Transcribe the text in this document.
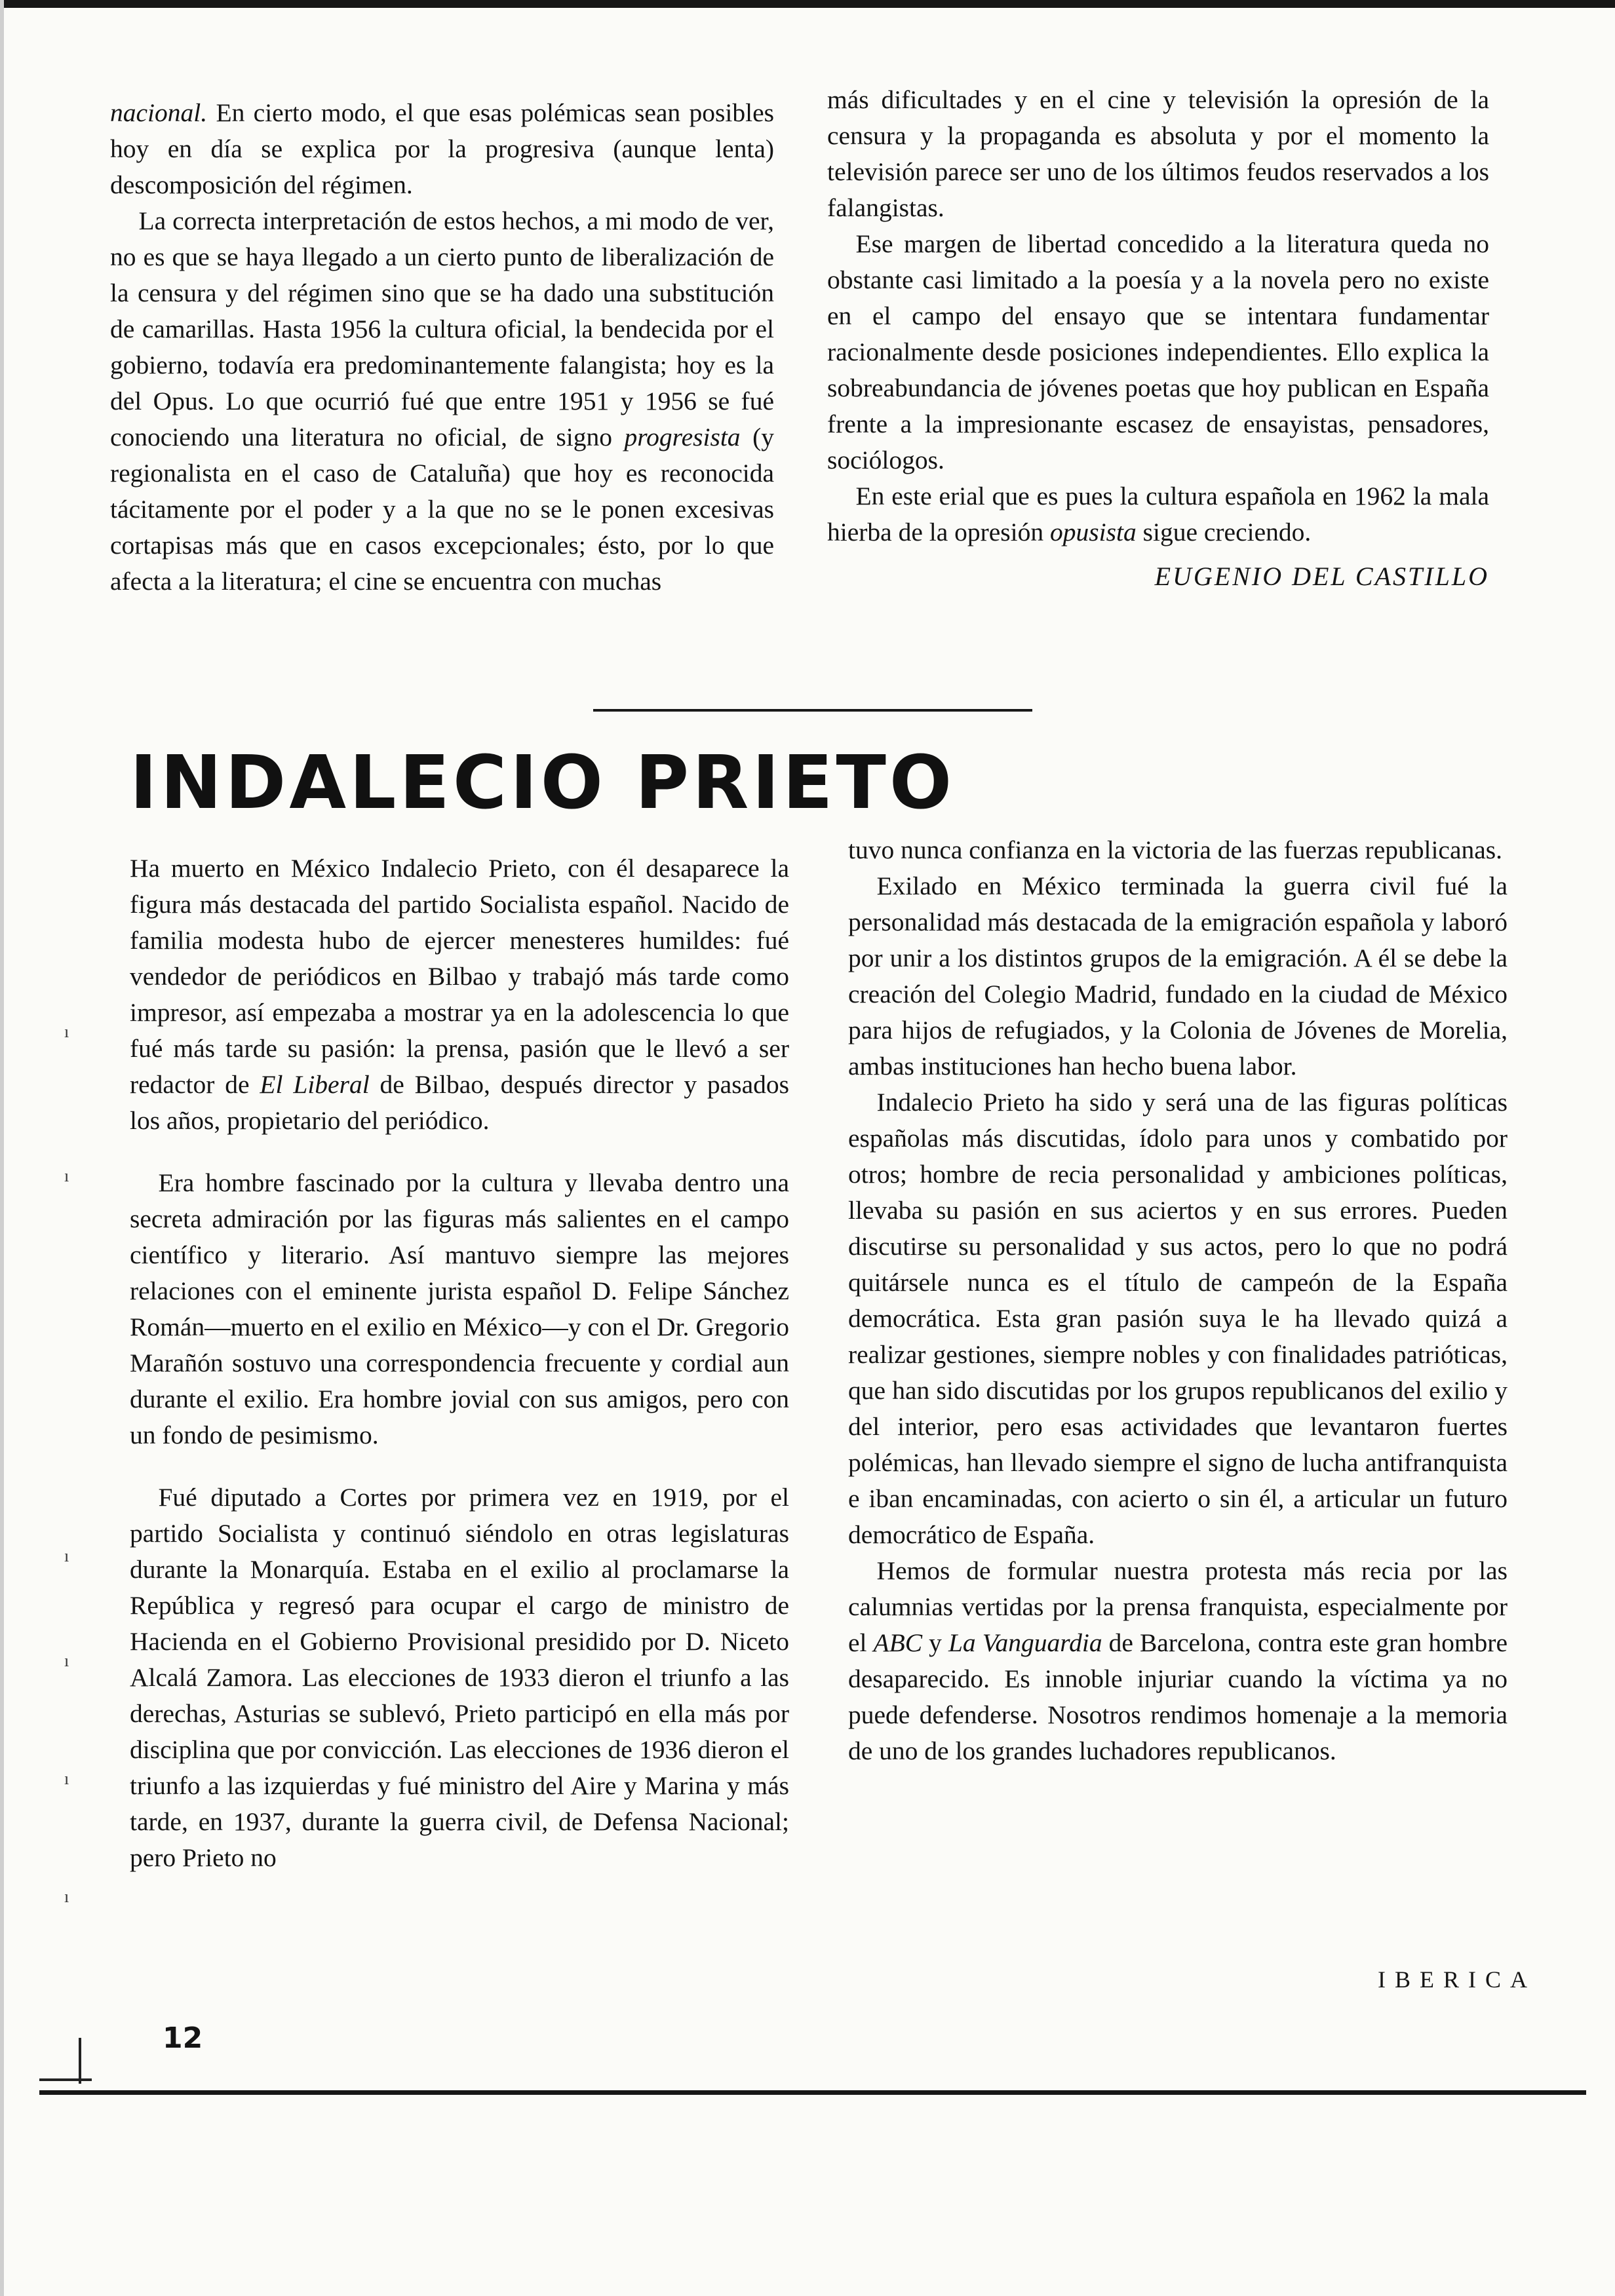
ı
ı
ı
ı
ı
ı

nacional. En cierto modo, el que esas polémicas sean posibles hoy en día se explica por la progresiva (aunque lenta) descomposición del régimen.

La correcta interpretación de estos hechos, a mi modo de ver, no es que se haya llegado a un cierto punto de liberalización de la censura y del régimen sino que se ha dado una substitución de camarillas. Hasta 1956 la cultura oficial, la bendecida por el gobierno, todavía era predominantemente falangista; hoy es la del Opus. Lo que ocurrió fué que entre 1951 y 1956 se fué conociendo una literatura no oficial, de signo progresista (y regionalista en el caso de Cataluña) que hoy es reconocida tácitamente por el poder y a la que no se le ponen excesivas cortapisas más que en casos excepcionales; ésto, por lo que afecta a la literatura; el cine se encuentra con muchas

más dificultades y en el cine y televisión la opresión de la censura y la propaganda es absoluta y por el momento la televisión parece ser uno de los últimos feudos reservados a los falangistas.

Ese margen de libertad concedido a la literatura queda no obstante casi limitado a la poesía y a la novela pero no existe en el campo del ensayo que se intentara fundamentar racionalmente desde posiciones independientes. Ello explica la sobreabundancia de jóvenes poetas que hoy publican en España frente a la impresionante escasez de ensayistas, pensadores, sociólogos.

En este erial que es pues la cultura española en 1962 la mala hierba de la opresión opusista sigue creciendo.

EUGENIO DEL CASTILLO

INDALECIO PRIETO

Ha muerto en México Indalecio Prieto, con él desaparece la figura más destacada del partido Socialista español. Nacido de familia modesta hubo de ejercer menesteres humildes: fué vendedor de periódicos en Bilbao y trabajó más tarde como impresor, así empezaba a mostrar ya en la adolescencia lo que fué más tarde su pasión: la prensa, pasión que le llevó a ser redactor de El Liberal de Bilbao, después director y pasados los años, propietario del periódico.

Era hombre fascinado por la cultura y llevaba dentro una secreta admiración por las figuras más salientes en el campo científico y literario. Así mantuvo siempre las mejores relaciones con el eminente jurista español D. Felipe Sánchez Román—muerto en el exilio en México—y con el Dr. Gregorio Marañón sostuvo una correspondencia frecuente y cordial aun durante el exilio. Era hombre jovial con sus amigos, pero con un fondo de pesimismo.

Fué diputado a Cortes por primera vez en 1919, por el partido Socialista y continuó siéndolo en otras legislaturas durante la Monarquía. Estaba en el exilio al proclamarse la República y regresó para ocupar el cargo de ministro de Hacienda en el Gobierno Provisional presidido por D. Niceto Alcalá Zamora. Las elecciones de 1933 dieron el triunfo a las derechas, Asturias se sublevó, Prieto participó en ella más por disciplina que por convicción. Las elecciones de 1936 dieron el triunfo a las izquierdas y fué ministro del Aire y Marina y más tarde, en 1937, durante la guerra civil, de Defensa Nacional; pero Prieto no

tuvo nunca confianza en la victoria de las fuerzas republicanas.

Exilado en México terminada la guerra civil fué la personalidad más destacada de la emigración española y laboró por unir a los distintos grupos de la emigración. A él se debe la creación del Colegio Madrid, fundado en la ciudad de México para hijos de refugiados, y la Colonia de Jóvenes de Morelia, ambas instituciones han hecho buena labor.

Indalecio Prieto ha sido y será una de las figuras políticas españolas más discutidas, ídolo para unos y combatido por otros; hombre de recia personalidad y ambiciones políticas, llevaba su pasión en sus aciertos y en sus errores. Pueden discutirse su personalidad y sus actos, pero lo que no podrá quitársele nunca es el título de campeón de la España democrática. Esta gran pasión suya le ha llevado quizá a realizar gestiones, siempre nobles y con finalidades patrióticas, que han sido discutidas por los grupos republicanos del exilio y del interior, pero esas actividades que levantaron fuertes polémicas, han llevado siempre el signo de lucha antifranquista e iban encaminadas, con acierto o sin él, a articular un futuro democrático de España.

Hemos de formular nuestra protesta más recia por las calumnias vertidas por la prensa franquista, especialmente por el ABC y La Vanguardia de Barcelona, contra este gran hombre desaparecido. Es innoble injuriar cuando la víctima ya no puede defenderse. Nosotros rendimos homenaje a la memoria de uno de los grandes luchadores republicanos.

IBERICA

12
